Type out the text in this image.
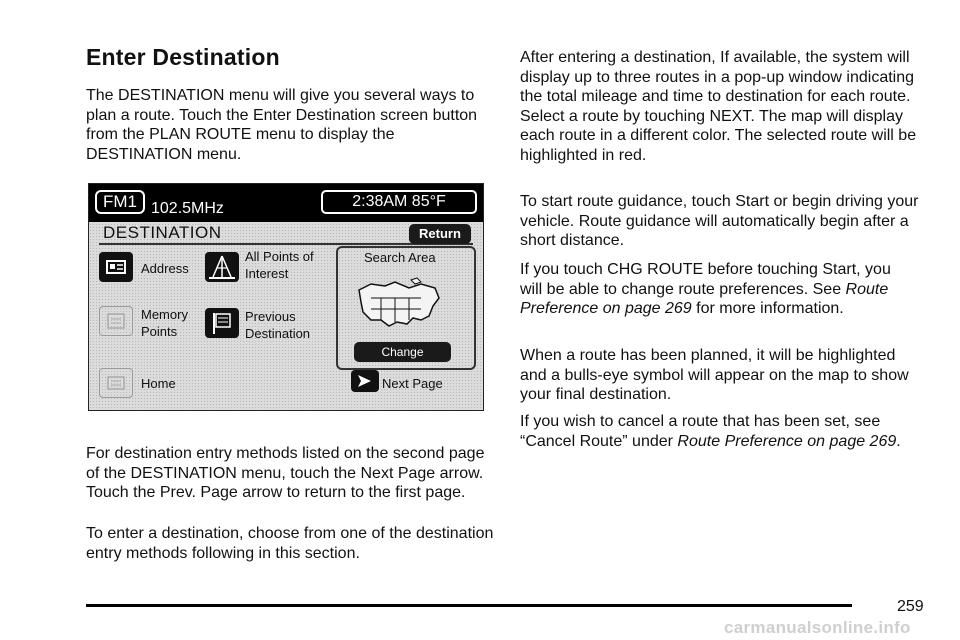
Enter Destination

The DESTINATION menu will give you several ways to plan a route. Touch the Enter Destination screen button from the PLAN ROUTE menu to display the DESTINATION menu.

FM1 102.5MHz	2:38AM 85°F
DESTINATION	Return
Address
All Points of
Interest
Memory
Points
Previous
Destination
Search Area
Change
Home	Next Page

For destination entry methods listed on the second page of the DESTINATION menu, touch the Next Page arrow. Touch the Prev. Page arrow to return to the first page.

To enter a destination, choose from one of the destination entry methods following in this section.

After entering a destination, If available, the system will display up to three routes in a pop-up window indicating the total mileage and time to destination for each route. Select a route by touching NEXT. The map will display each route in a different color. The selected route will be highlighted in red.

To start route guidance, touch Start or begin driving your vehicle. Route guidance will automatically begin after a short distance.

If you touch CHG ROUTE before touching Start, you will be able to change route preferences. See Route Preference on page 269 for more information.

When a route has been planned, it will be highlighted and a bulls-eye symbol will appear on the map to show your final destination.

If you wish to cancel a route that has been set, see “Cancel Route” under Route Preference on page 269.

259
carmanualsonline.info
